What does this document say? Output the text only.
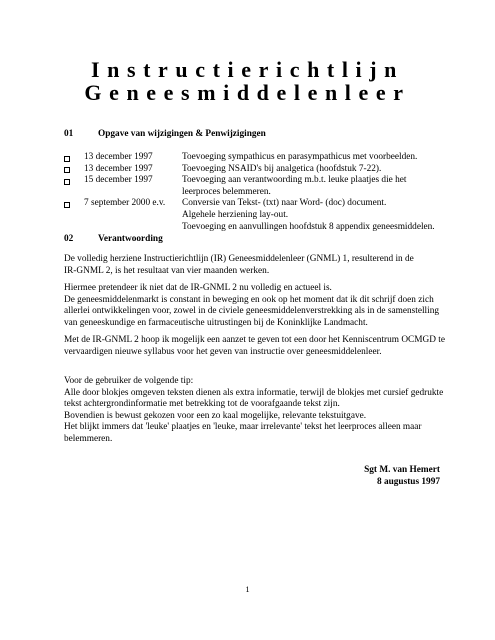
Instructierichtlijn
Geneesmiddelenleer
01	Opgave van wijzigingen & Penwijzigingen
13 december 1997	Toevoeging sympathicus en parasympathicus met voorbeelden.
13 december 1997	Toevoeging NSAID's bij analgetica (hoofdstuk 7-22).
15 december 1997	Toevoeging aan verantwoording m.b.t. leuke plaatjes die het
leerproces belemmeren.
7 september 2000 e.v. Conversie van Tekst- (txt) naar Word- (doc) document.
Algehele herziening lay-out.
Toevoeging en aanvullingen hoofdstuk 8 appendix geneesmiddelen.
02	Verantwoording
De volledig herziene Instructierichtlijn (IR) Geneesmiddelenleer (GNML) 1, resulterend in de
IR-GNML 2, is het resultaat van vier maanden werken.
Hiermee pretendeer ik niet dat de IR-GNML 2 nu volledig en actueel is.
De geneesmiddelenmarkt is constant in beweging en ook op het moment dat ik dit schrijf doen zich
allerlei ontwikkelingen voor, zowel in de civiele geneesmiddelenverstrekking als in de samenstelling
van geneeskundige en farmaceutische uitrustingen bij de Koninklijke Landmacht.
Met de IR-GNML 2 hoop ik mogelijk een aanzet te geven tot een door het Kenniscentrum OCMGD te
vervaardigen nieuwe syllabus voor het geven van instructie over geneesmiddelenleer.
Voor de gebruiker de volgende tip:
Alle door blokjes omgeven teksten dienen als extra informatie, terwijl de blokjes met cursief gedrukte
tekst achtergrondinformatie met betrekking tot de voorafgaande tekst zijn.
Bovendien is bewust gekozen voor een zo kaal mogelijke, relevante tekstuitgave.
Het blijkt immers dat 'leuke' plaatjes en 'leuke, maar irrelevante' tekst het leerproces alleen maar
belemmeren.
Sgt M. van Hemert
8 augustus 1997
1
